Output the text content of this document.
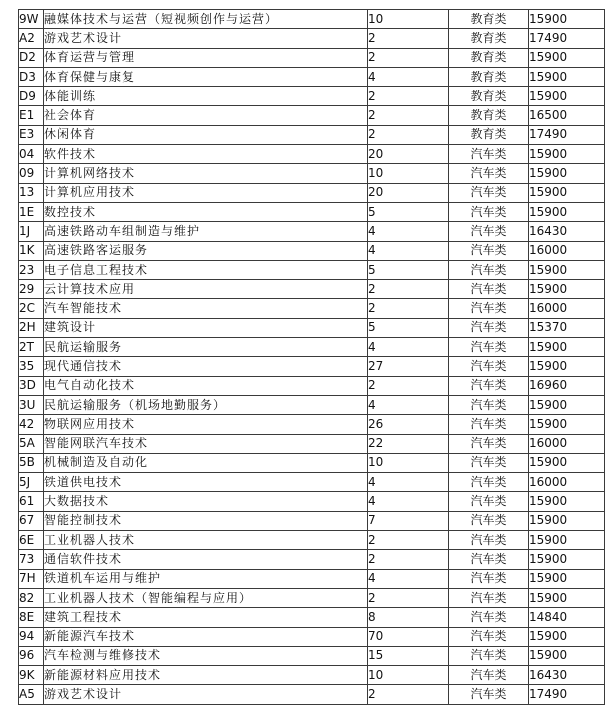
9W	融媒体技术与运营（短视频创作与运营）	10	教育类	15900
A2	游戏艺术设计	2	教育类	17490
D2	体育运营与管理	2	教育类	15900
D3	体育保健与康复	4	教育类	15900
D9	体能训练	2	教育类	15900
E1	社会体育	2	教育类	16500
E3	休闲体育	2	教育类	17490
04	软件技术	20	汽车类	15900
09	计算机网络技术	10	汽车类	15900
13	计算机应用技术	20	汽车类	15900
1E	数控技术	5	汽车类	15900
1J	高速铁路动车组制造与维护	4	汽车类	16430
1K	高速铁路客运服务	4	汽车类	16000
23	电子信息工程技术	5	汽车类	15900
29	云计算技术应用	2	汽车类	15900
2C	汽车智能技术	2	汽车类	16000
2H	建筑设计	5	汽车类	15370
2T	民航运输服务	4	汽车类	15900
35	现代通信技术	27	汽车类	15900
3D	电气自动化技术	2	汽车类	16960
3U	民航运输服务（机场地勤服务）	4	汽车类	15900
42	物联网应用技术	26	汽车类	15900
5A	智能网联汽车技术	22	汽车类	16000
5B	机械制造及自动化	10	汽车类	15900
5J	铁道供电技术	4	汽车类	16000
61	大数据技术	4	汽车类	15900
67	智能控制技术	7	汽车类	15900
6E	工业机器人技术	2	汽车类	15900
73	通信软件技术	2	汽车类	15900
7H	铁道机车运用与维护	4	汽车类	15900
82	工业机器人技术（智能编程与应用）	2	汽车类	15900
8E	建筑工程技术	8	汽车类	14840
94	新能源汽车技术	70	汽车类	15900
96	汽车检测与维修技术	15	汽车类	15900
9K	新能源材料应用技术	10	汽车类	16430
A5	游戏艺术设计	2	汽车类	17490
